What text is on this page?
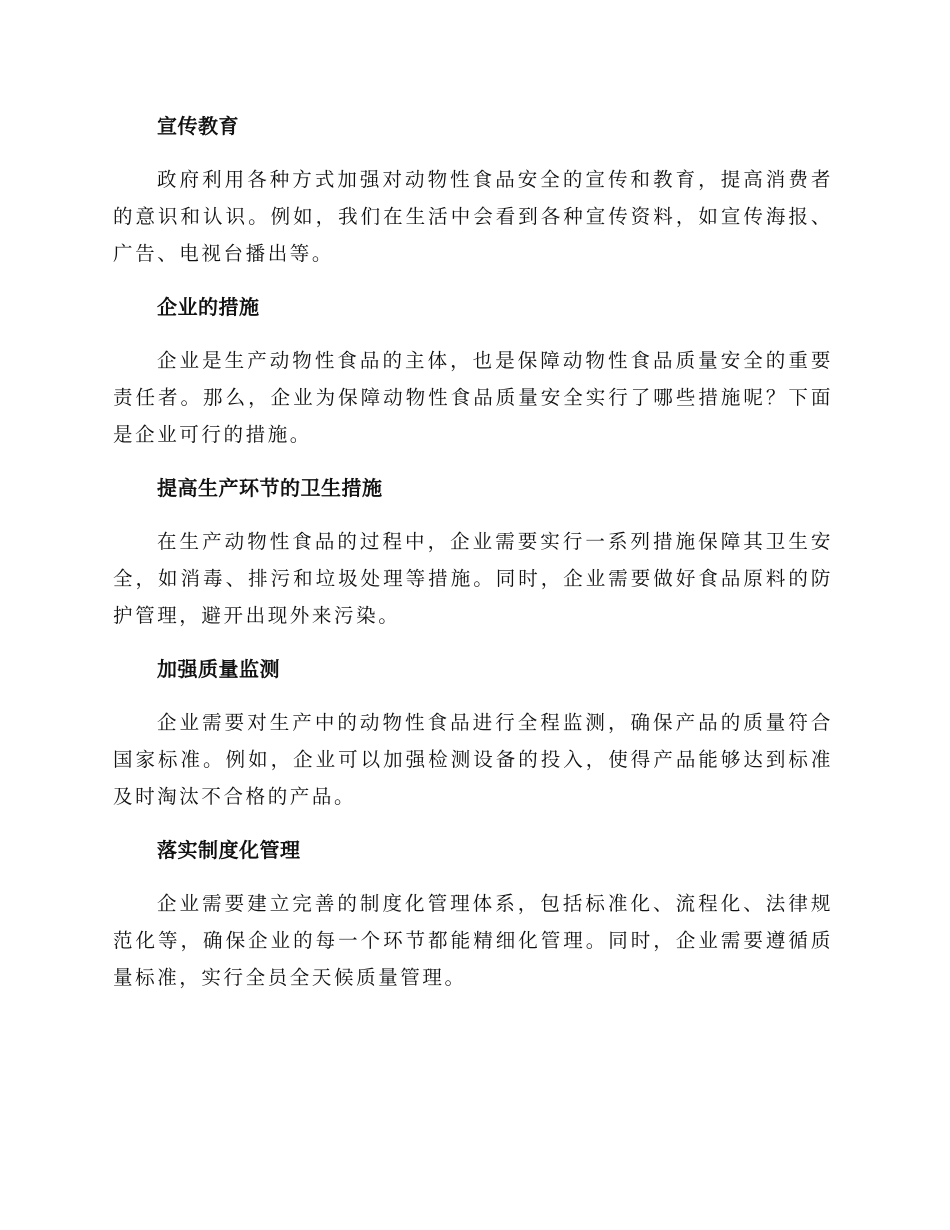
宣传教育

政府利用各种方式加强对动物性食品安全的宣传和教育，提高消费者的意识和认识。例如，我们在生活中会看到各种宣传资料，如宣传海报、广告、电视台播出等。

企业的措施

企业是生产动物性食品的主体，也是保障动物性食品质量安全的重要责任者。那么，企业为保障动物性食品质量安全实行了哪些措施呢？下面是企业可行的措施。

提高生产环节的卫生措施

在生产动物性食品的过程中，企业需要实行一系列措施保障其卫生安全，如消毒、排污和垃圾处理等措施。同时，企业需要做好食品原料的防护管理，避开出现外来污染。

加强质量监测

企业需要对生产中的动物性食品进行全程监测，确保产品的质量符合国家标准。例如，企业可以加强检测设备的投入，使得产品能够达到标准及时淘汰不合格的产品。

落实制度化管理

企业需要建立完善的制度化管理体系，包括标准化、流程化、法律规范化等，确保企业的每一个环节都能精细化管理。同时，企业需要遵循质量标准，实行全员全天候质量管理。
